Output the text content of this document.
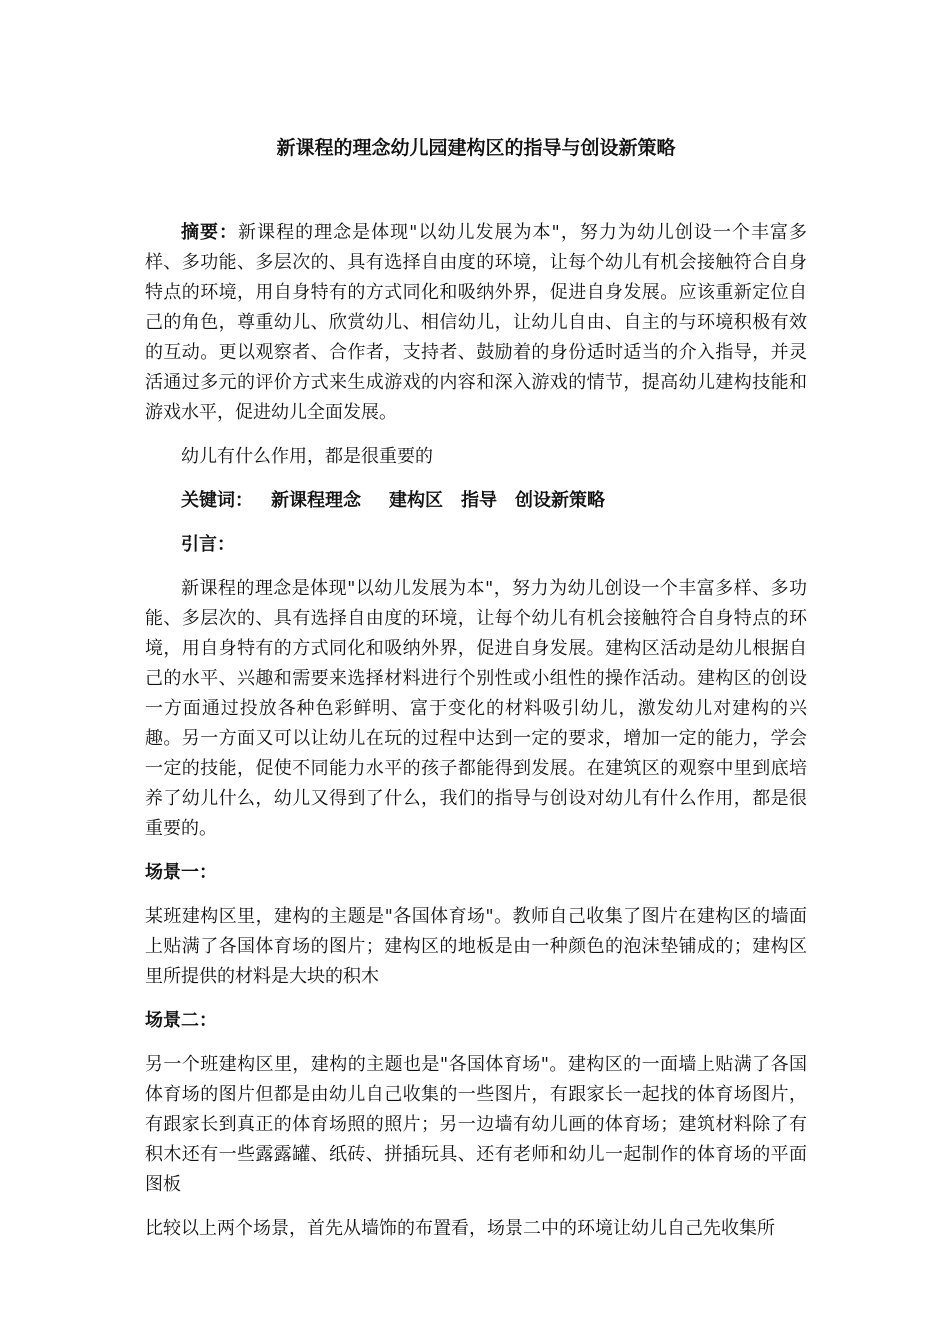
新课程的理念幼儿园建构区的指导与创设新策略

摘要：新课程的理念是体现"以幼儿发展为本"，努力为幼儿创设一个丰富多样、多功能、多层次的、具有选择自由度的环境，让每个幼儿有机会接触符合自身特点的环境，用自身特有的方式同化和吸纳外界，促进自身发展。应该重新定位自己的角色，尊重幼儿、欣赏幼儿、相信幼儿，让幼儿自由、自主的与环境积极有效的互动。更以观察者、合作者，支持者、鼓励着的身份适时适当的介入指导，并灵活通过多元的评价方式来生成游戏的内容和深入游戏的情节，提高幼儿建构技能和游戏水平，促进幼儿全面发展。

幼儿有什么作用，都是很重要的

关键词： 新课程理念 建构区 指导 创设新策略

引言：

新课程的理念是体现"以幼儿发展为本"，努力为幼儿创设一个丰富多样、多功能、多层次的、具有选择自由度的环境，让每个幼儿有机会接触符合自身特点的环境，用自身特有的方式同化和吸纳外界，促进自身发展。建构区活动是幼儿根据自己的水平、兴趣和需要来选择材料进行个别性或小组性的操作活动。建构区的创设一方面通过投放各种色彩鲜明、富于变化的材料吸引幼儿，激发幼儿对建构的兴趣。另一方面又可以让幼儿在玩的过程中达到一定的要求，增加一定的能力，学会一定的技能，促使不同能力水平的孩子都能得到发展。在建筑区的观察中里到底培养了幼儿什么，幼儿又得到了什么，我们的指导与创设对幼儿有什么作用，都是很重要的。

场景一：

某班建构区里，建构的主题是"各国体育场"。教师自己收集了图片在建构区的墙面上贴满了各国体育场的图片；建构区的地板是由一种颜色的泡沫垫铺成的；建构区里所提供的材料是大块的积木

场景二：

另一个班建构区里，建构的主题也是"各国体育场"。建构区的一面墙上贴满了各国体育场的图片但都是由幼儿自己收集的一些图片，有跟家长一起找的体育场图片，有跟家长到真正的体育场照的照片；另一边墙有幼儿画的体育场；建筑材料除了有积木还有一些露露罐、纸砖、拼插玩具、还有老师和幼儿一起制作的体育场的平面图板

比较以上两个场景，首先从墙饰的布置看，场景二中的环境让幼儿自己先收集所
